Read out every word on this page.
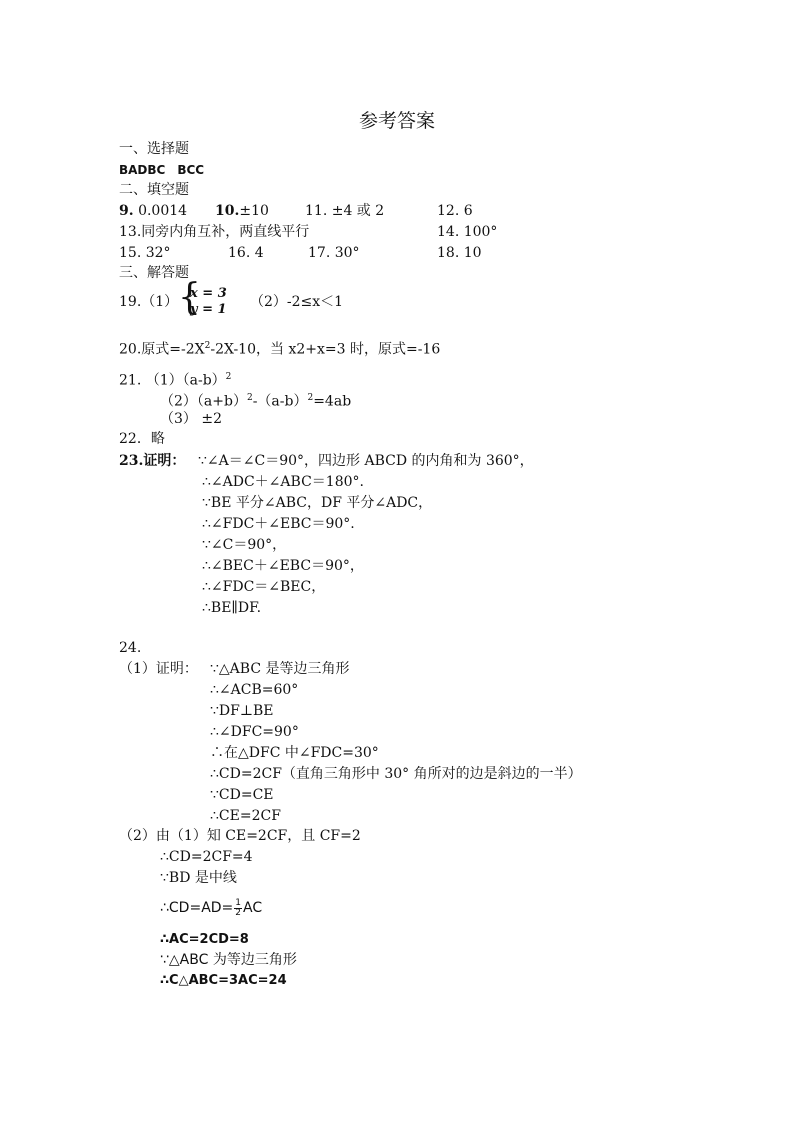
参考答案
一、选择题
BADBC　BCC
二、填空题
9. 0.0014 10.±10	11. ±4 或 2	12. 6
13.同旁内角互补，两直线平行	14. 100°
15. 32°	16. 4	17. 30°	18. 10
三、解答题
19.（1） {
x = 3
y = 1 （2）-2≤x＜1
20.原式$=-2X^2-2X-10$，当 x2+x=3 时，原式=-16
21. $(1)(a-b)^2$
$(2)(a+b)^2-(a-b)^2=4ab$
（3） ±2
22．略
23.证明： ∵∠A＝∠C＝90°，四边形 ABCD 的内角和为 360°，
∴∠ADC＋∠ABC＝180°.
∵BE 平分∠ABC，DF 平分∠ADC，
∴∠FDC＋∠EBC＝90°.
∵∠C＝90°，
∴∠BEC＋∠EBC＝90°，
∴∠FDC＝∠BEC，
∴BE∥DF.
24.
（1）证明： ∵△ABC 是等边三角形
∴∠ACB=60°
∵DF⊥BE
∴∠DFC=90°
∴在△DFC 中∠FDC=30°
∴CD=2CF（直角三角形中 30° 角所对的边是斜边的一半）
∵CD=CE
∴CE=2CF
（2）由（1）知 CE=2CF，且 CF=2
∴CD=2CF=4
∵BD 是中线
∴CD=AD= $\frac{1}{2}$ AC
∴AC=2CD=8
∵△ABC 为等边三角形
∴C△ABC=3AC=24
